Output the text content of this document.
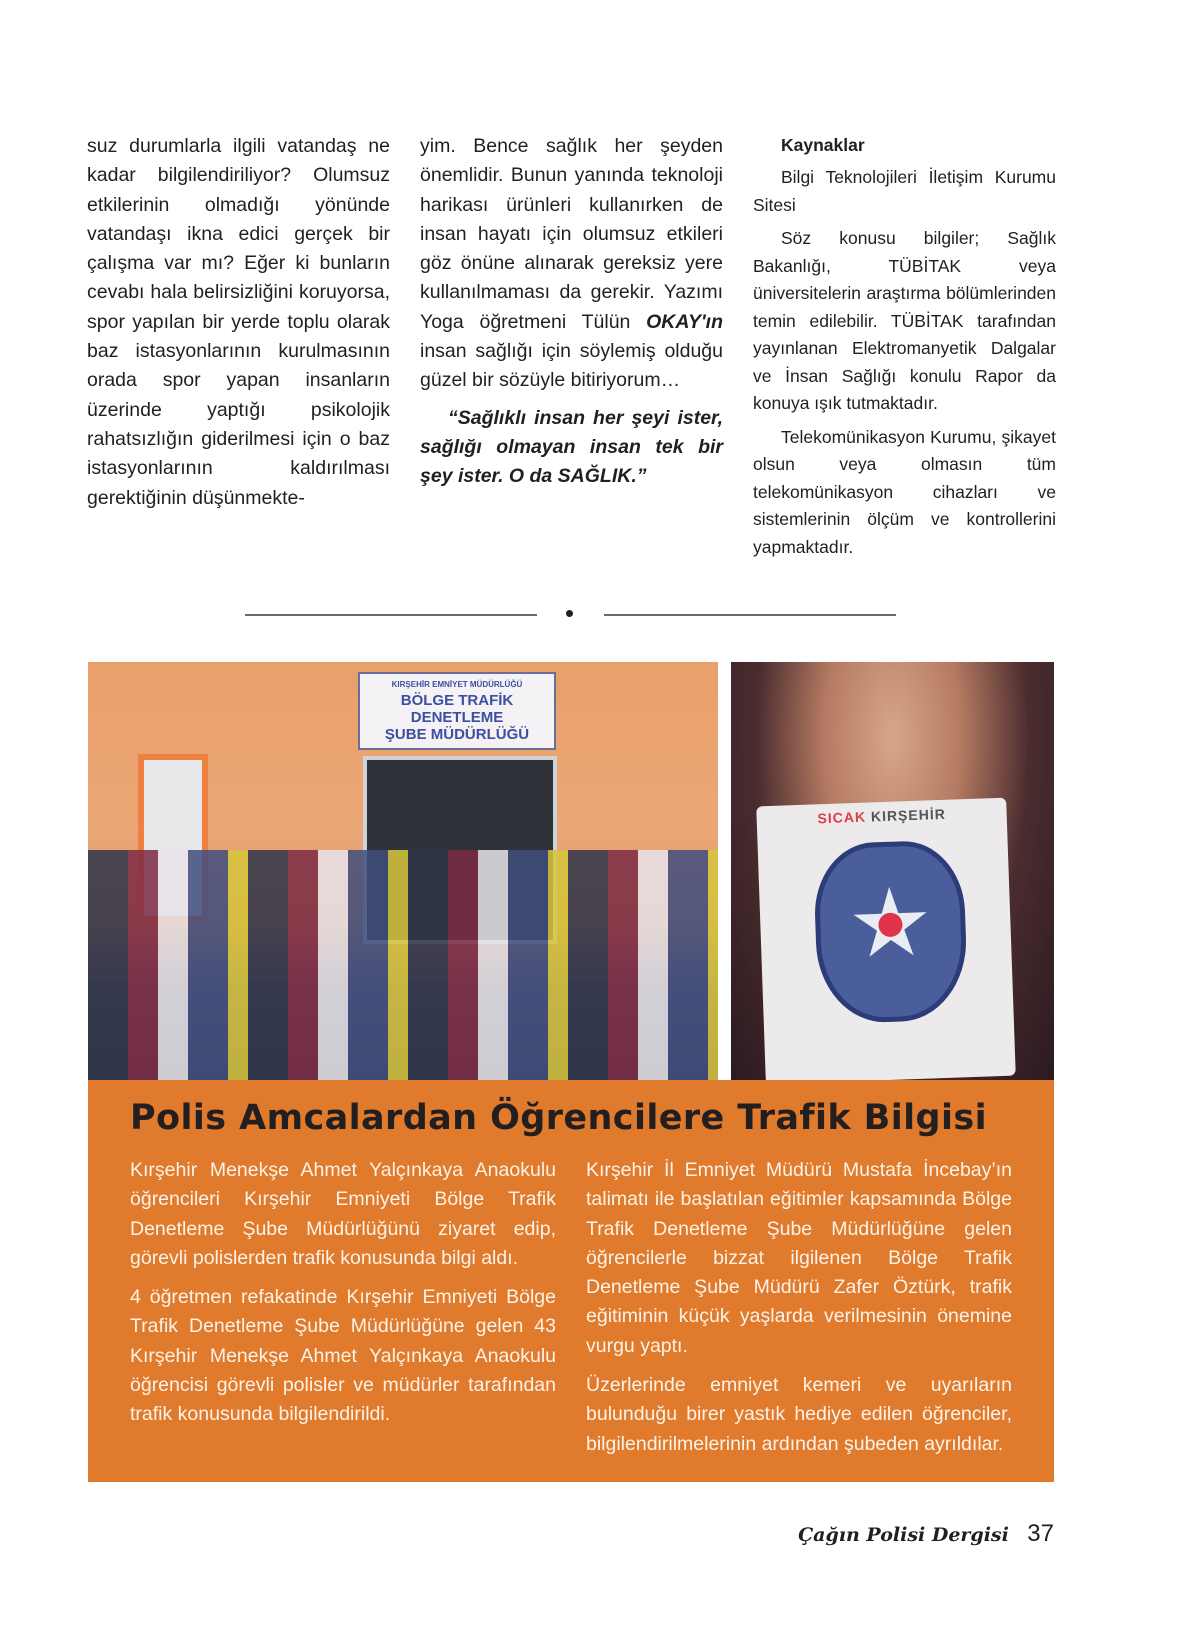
suz durumlarla ilgili vatandaş ne kadar bilgilendiriliyor? Olumsuz etkilerinin olmadığı yönünde vatandaşı ikna edici gerçek bir çalışma var mı? Eğer ki bunların cevabı hala belirsizliğini koruyorsa, spor yapılan bir yerde toplu olarak baz istasyonlarının kurulmasının orada spor yapan insanların üzerinde yaptığı psikolojik rahatsızlığın giderilmesi için o baz istasyonlarının kaldırılması gerektiğinin düşünmekte-

yim. Bence sağlık her şeyden önemlidir. Bunun yanında teknoloji harikası ürünleri kullanırken de insan hayatı için olumsuz etkileri göz önüne alınarak gereksiz yere kullanılmaması da gerekir. Yazımı Yoga öğretmeni Tülün OKAY'ın insan sağlığı için söylemiş olduğu güzel bir sözüyle bitiriyorum…

“Sağlıklı insan her şeyi ister, sağlığı olmayan insan tek bir şey ister. O da SAĞLIK.”

Kaynaklar

Bilgi Teknolojileri İletişim Kurumu Sitesi

Söz konusu bilgiler; Sağlık Bakanlığı, TÜBİTAK veya üniversitelerin araştırma bölümlerinden temin edilebilir. TÜBİTAK tarafından yayınlanan Elektromanyetik Dalgalar ve İnsan Sağlığı konulu Rapor da konuya ışık tutmaktadır.

Telekomünikasyon Kurumu, şikayet olsun veya olmasın tüm telekomünikasyon cihazları ve sistemlerinin ölçüm ve kontrollerini yapmaktadır.

KIRŞEHİR EMNİYET MÜDÜRLÜĞÜ
BÖLGE TRAFİK DENETLEME
ŞUBE MÜDÜRLÜĞÜ
SICAK KIRŞEHİR
Polis Amcalardan Öğrencilere Trafik Bilgisi

Kırşehir Menekşe Ahmet Yalçınkaya Anaokulu öğrencileri Kırşehir Emniyeti Bölge Trafik Denetleme Şube Müdürlüğünü ziyaret edip, görevli polislerden trafik konusunda bilgi aldı.

4 öğretmen refakatinde Kırşehir Emniyeti Bölge Trafik Denetleme Şube Müdürlüğüne gelen 43 Kırşehir Menekşe Ahmet Yalçınkaya Anaokulu öğrencisi görevli polisler ve müdürler tarafından trafik konusunda bilgilendirildi.

Kırşehir İl Emniyet Müdürü Mustafa İncebay’ın talimatı ile başlatılan eğitimler kapsamında Bölge Trafik Denetleme Şube Müdürlüğüne gelen öğrencilerle bizzat ilgilenen Bölge Trafik Denetleme Şube Müdürü Zafer Öztürk, trafik eğitiminin küçük yaşlarda verilmesinin önemine vurgu yaptı.

Üzerlerinde emniyet kemeri ve uyarıların bulunduğu birer yastık hediye edilen öğrenciler, bilgilendirilmelerinin ardından şubeden ayrıldılar.

Çağın Polisi Dergisi 37
